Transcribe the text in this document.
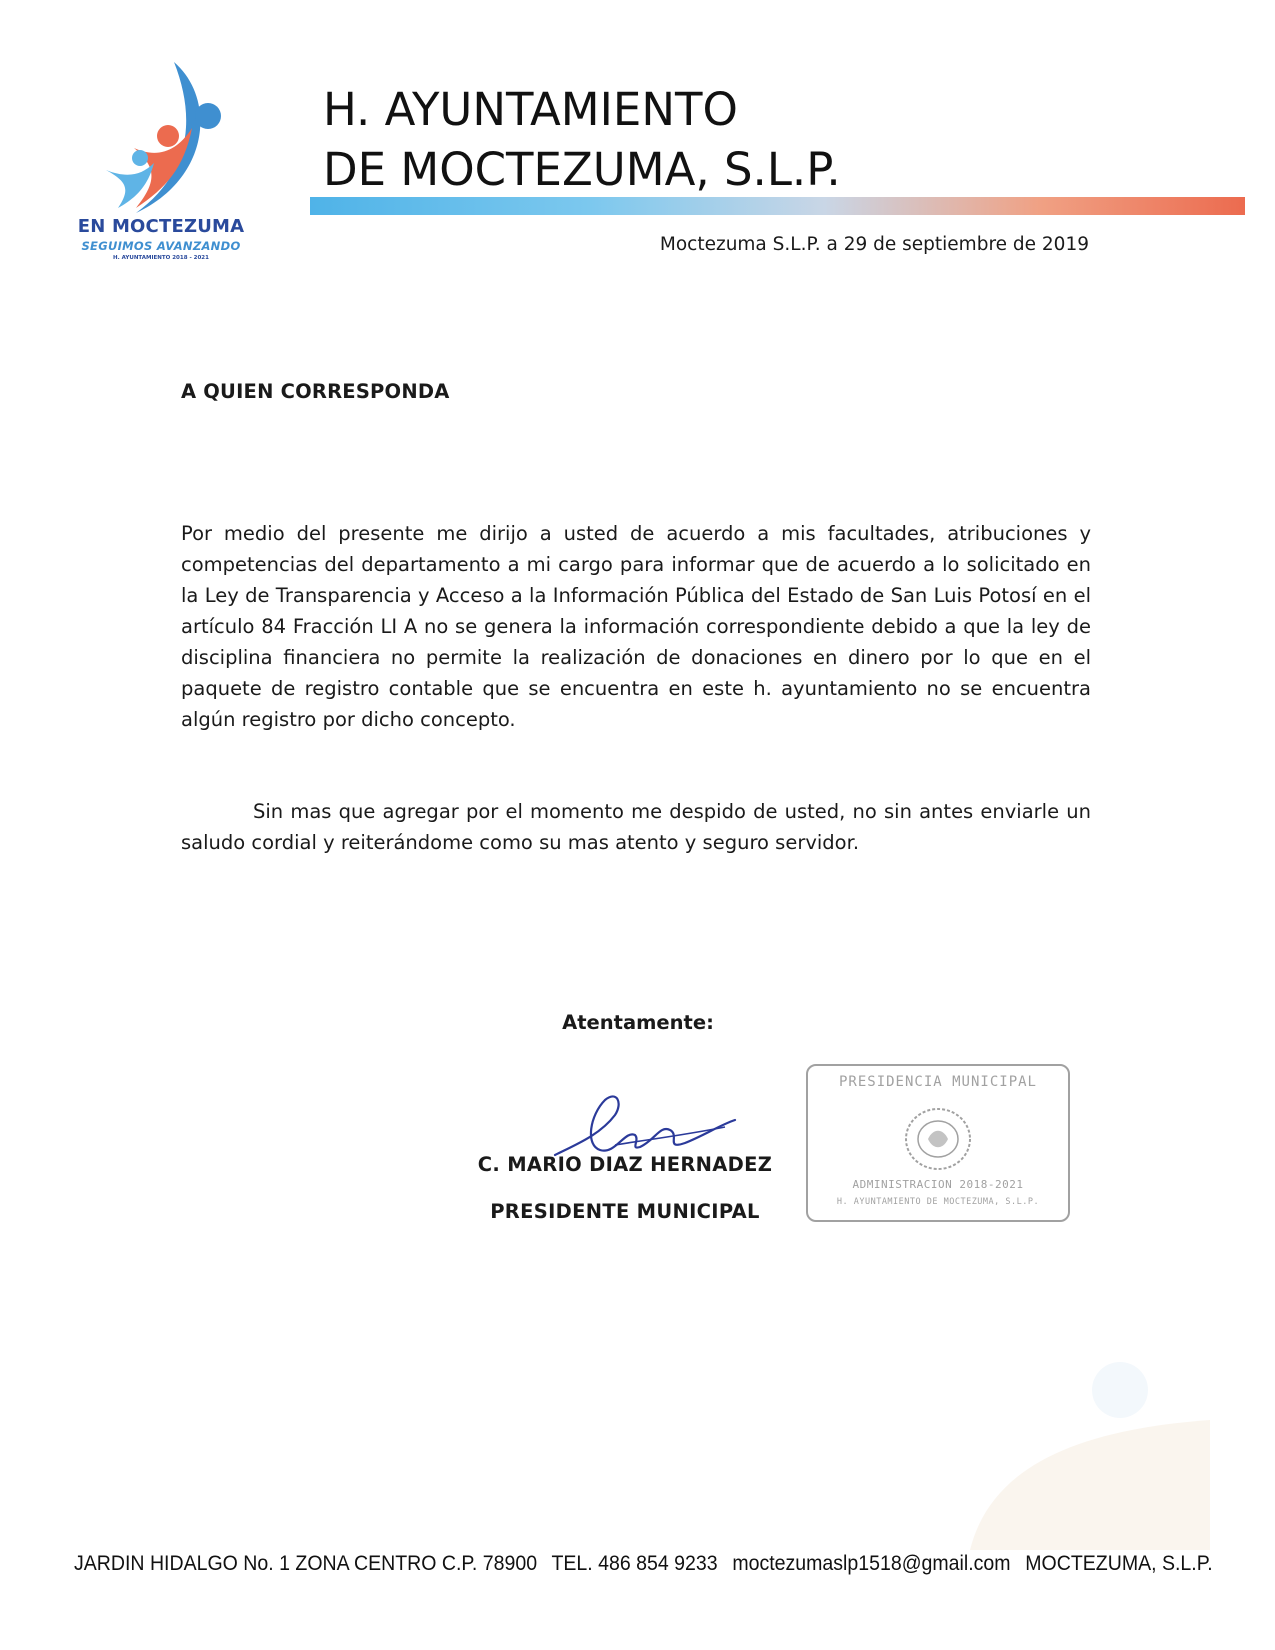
EN MOCTEZUMA
SEGUIMOS AVANZANDO
H. AYUNTAMIENTO 2018 - 2021
H. AYUNTAMIENTO
DE MOCTEZUMA, S.L.P.
Moctezuma S.L.P. a 29 de septiembre de 2019
A QUIEN CORRESPONDA

Por medio del presente me dirijo a usted de acuerdo a mis facultades, atribuciones y competencias del departamento a mi cargo para informar que de acuerdo a lo solicitado en la Ley de Transparencia y Acceso a la Información Pública del Estado de San Luis Potosí en el artículo 84 Fracción LI A no se genera la información correspondiente debido a que la ley de disciplina financiera no permite la realización de donaciones en dinero por lo que en el paquete de registro contable que se encuentra en este h. ayuntamiento no se encuentra algún registro por dicho concepto.

Sin mas que agregar por el momento me despido de usted, no sin antes enviarle un saludo cordial y reiterándome como su mas atento y seguro servidor.

Atentamente:
C. MARIO DIAZ HERNADEZ
PRESIDENTE MUNICIPAL
PRESIDENCIA MUNICIPAL
ADMINISTRACION 2018-2021
H. AYUNTAMIENTO DE MOCTEZUMA, S.L.P.
JARDIN HIDALGO No. 1 ZONA CENTRO C.P. 78900 TEL. 486 854 9233 moctezumaslp1518@gmail.com MOCTEZUMA, S.L.P.
